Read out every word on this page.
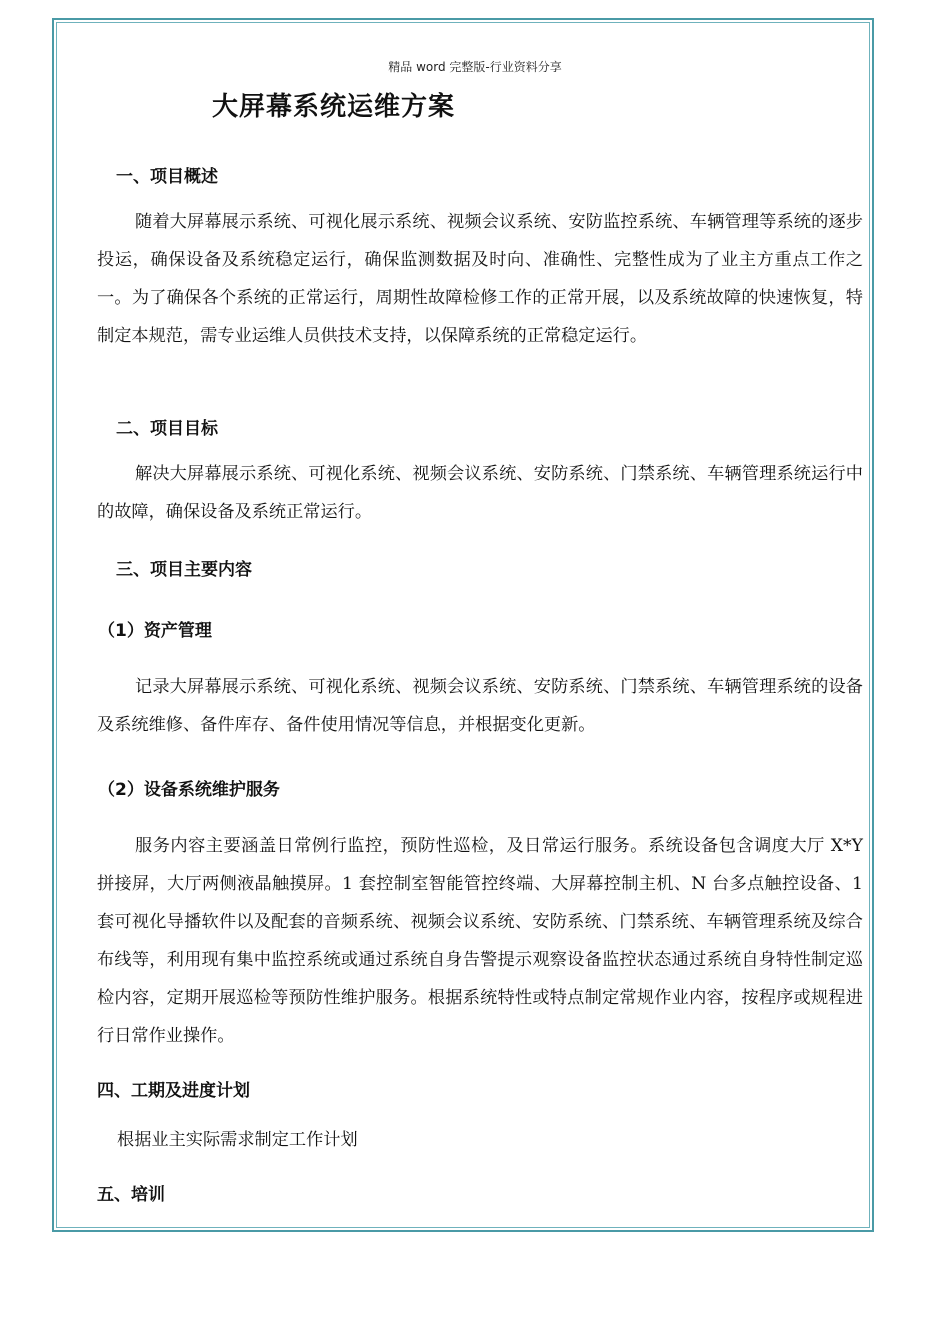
精品 word 完整版-行业资料分享
大屏幕系统运维方案
一、项目概述
随着大屏幕展示系统、可视化展示系统、视频会议系统、安防监控系统、车辆管理等系统的逐步投运，确保设备及系统稳定运行，确保监测数据及时向、准确性、完整性成为了业主方重点工作之一。为了确保各个系统的正常运行，周期性故障检修工作的正常开展，以及系统故障的快速恢复，特制定本规范，需专业运维人员供技术支持，以保障系统的正常稳定运行。
二、项目目标
解决大屏幕展示系统、可视化系统、视频会议系统、安防系统、门禁系统、车辆管理系统运行中的故障，确保设备及系统正常运行。
三、项目主要内容
（1）资产管理
记录大屏幕展示系统、可视化系统、视频会议系统、安防系统、门禁系统、车辆管理系统的设备及系统维修、备件库存、备件使用情况等信息，并根据变化更新。
（2）设备系统维护服务
服务内容主要涵盖日常例行监控，预防性巡检，及日常运行服务。系统设备包含调度大厅 X*Y 拼接屏，大厅两侧液晶触摸屏。1 套控制室智能管控终端、大屏幕控制主机、N 台多点触控设备、1 套可视化导播软件以及配套的音频系统、视频会议系统、安防系统、门禁系统、车辆管理系统及综合布线等，利用现有集中监控系统或通过系统自身告警提示观察设备监控状态通过系统自身特性制定巡检内容，定期开展巡检等预防性维护服务。根据系统特性或特点制定常规作业内容，按程序或规程进行日常作业操作。
四、工期及进度计划
根据业主实际需求制定工作计划
五、培训
